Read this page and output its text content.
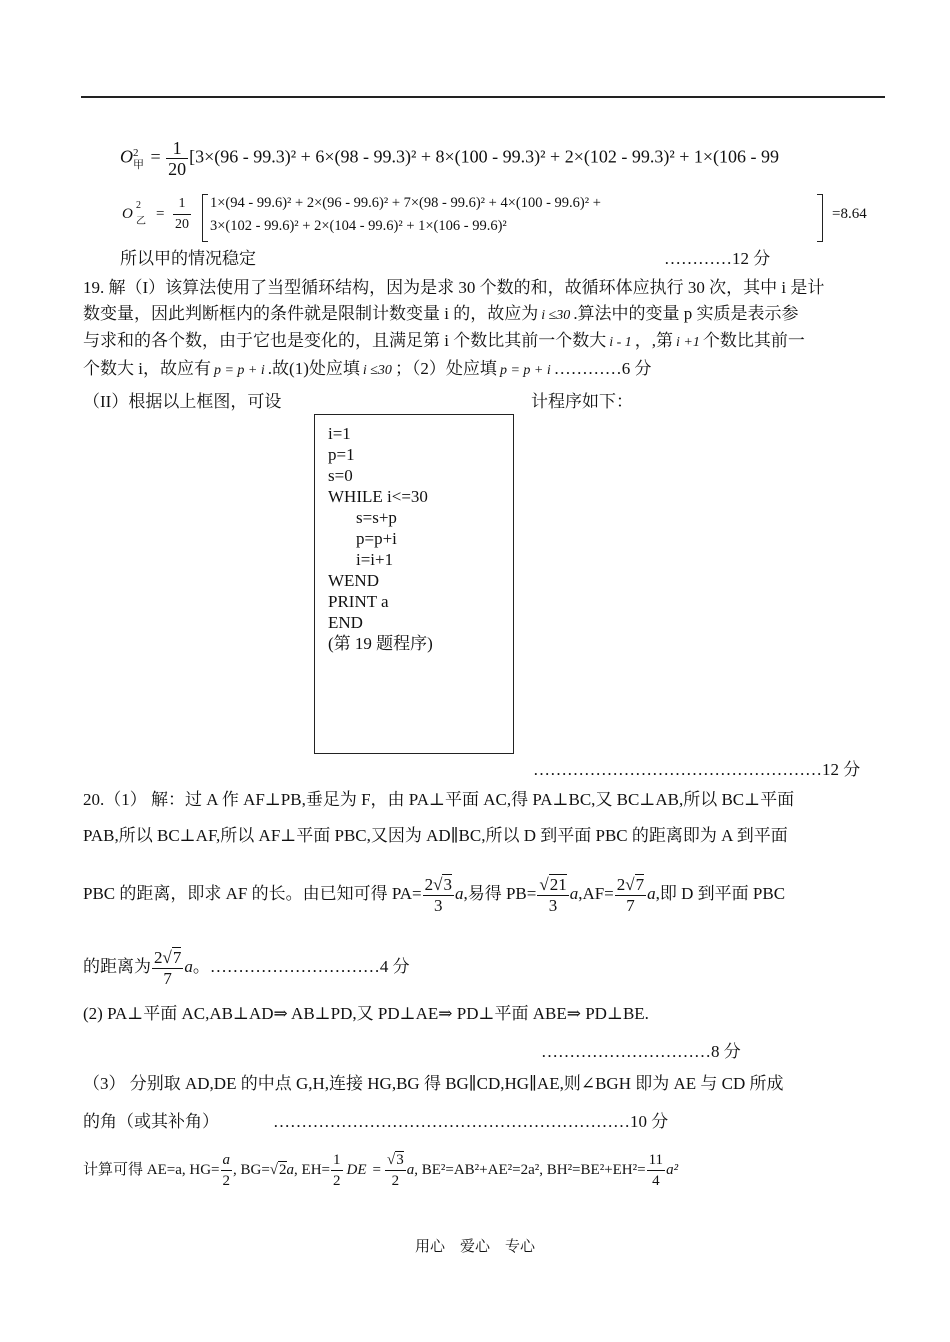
O 2
甲 = $\frac{1}{20} [3\times(96 - 99.3)^2 + 6\times(98 - 99.3)^2 + 8\times(100 - 99.3)^2 + 2\times(102 - 99.3)^2 + 1\times(106 - 99$
O
2
乙 = $\frac{1}{20} 1\times(94 - 99.6)^2 + 2\times(96 - 99.6)^2 + 7\times(98 - 99.6)^2 + 4\times(100 - 99.6)^2$ +
3×(102 - 99.6)² + 2×(104 - 99.6)² + 1×(106 - 99.6)²
=8.64
所以甲的情况稳定	…………12 分
19. 解（I）该算法使用了当型循环结构，因为是求 30 个数的和，故循环体应执行 30 次，其中 i 是计
数变量，因此判断框内的条件就是限制计数变量 i 的，故应为 i ≤30 .算法中的变量 p 实质是表示参
与求和的各个数，由于它也是变化的，且满足第 i 个数比其前一个数大 i - 1 ，,第 i +1 个数比其前一
个数大 i，故应有 p = p + i .故(1)处应填 i ≤30 ；（2）处应填 p = p + i …………6 分
（II）根据以上框图，可设	计程序如下：
i=1
p=1
s=0
WHILE i<=30
s=s+p
p=p+i
i=i+1
WEND
PRINT a
END
(第 19 题程序)
……………………………………………12 分
20.（1） 解：过 A 作 AF⊥PB,垂足为 F，由 PA⊥平面 AC,得 PA⊥BC,又 BC⊥AB,所以 BC⊥平面
PAB,所以 BC⊥AF,所以 AF⊥平面 PBC,又因为 AD∥BC,所以 D 到平面 PBC 的距离即为 A 到平面
PBC 的距离，即求 AF 的长。由已知可得 $PA= \frac{2√3}{3} a$,易得 $PB= \frac{√21}{3} a,AF= \frac{2√7}{7} a$,即 D 到平面 PBC
的距离为 $\frac{2√7}{7}$ a。…………………………4 分
(2) PA⊥平面 AC,AB⊥AD⇒ AB⊥PD,又 PD⊥AE⇒ PD⊥平面 ABE⇒ PD⊥BE.
…………………………8 分
（3） 分别取 AD,DE 的中点 G,H,连接 HG,BG 得 BG∥CD,HG∥AE,则∠BGH 即为 AE 与 CD 所成
的角（或其补角）	………………………………………………………10 分
计算可得 AE=a, $HG= \frac{a}{2}$ , BG=√2a, $EH= \frac{1}{2}$ DE = $\frac{√3}{2} a$, BE²=AB²+AE²=2a², $BH^2=BE^2+EH^2= \frac{11}{4} a^2$
用心　爱心　专心
